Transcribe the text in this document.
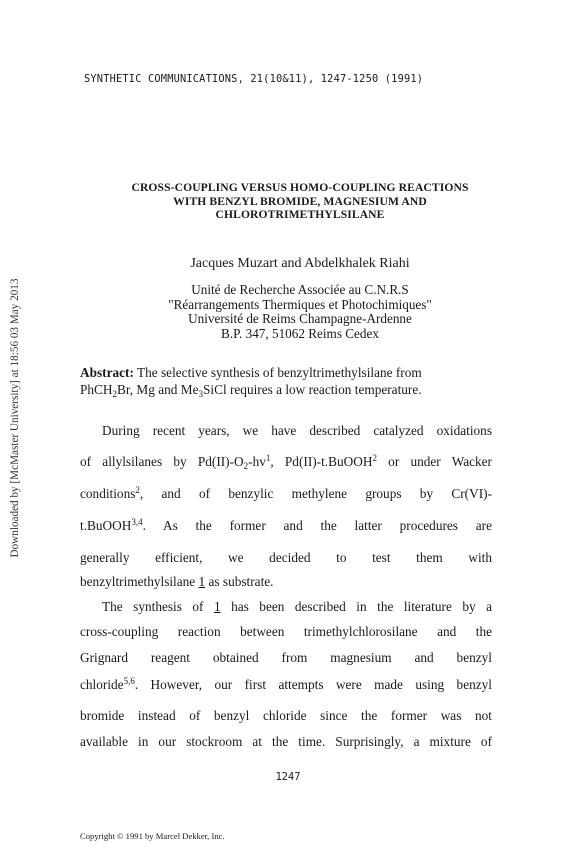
SYNTHETIC COMMUNICATIONS, 21(10&11), 1247-1250 (1991)
Downloaded by [McMaster University] at 18:56 03 May 2013
CROSS-COUPLING VERSUS HOMO-COUPLING REACTIONS
WITH BENZYL BROMIDE, MAGNESIUM AND
CHLOROTRIMETHYLSILANE
Jacques Muzart and Abdelkhalek Riahi
Unité de Recherche Associée au C.N.R.S
"Réarrangements Thermiques et Photochimiques"
Université de Reims Champagne-Ardenne
B.P. 347, 51062 Reims Cedex
Abstract: The selective synthesis of benzyltrimethylsilane from
PhCH$_2$Br, Mg and $Me_3SiCl$ requires a low reaction temperature.
During recent years, we have described catalyzed oxidations
of allylsilanes by $Pd(II)-O_2-hv^1$, Pd(II)-t.BuOOH$^2$ or under Wacker
conditions$^2$,  and  of  benzylic  methylene  groups  by  Cr(VI)-
t.BuOOH$^{3,4}$.  As  the  former  and  the  latter  procedures  are
generally   efficient,   we   decided   to   test   them   with
benzyltrimethylsilane 1 as substrate.
The synthesis of 1 has been described in the literature by a
cross-coupling reaction between trimethylchlorosilane and the
Grignard   reagent   obtained   from   magnesium   and   benzyl
chloride$^{5,6}$. However, our first attempts were made using benzyl
bromide instead of benzyl chloride since the former was not
available in our stockroom at the time. Surprisingly, a mixture of
1247
Copyright © 1991 by Marcel Dekker, Inc.
